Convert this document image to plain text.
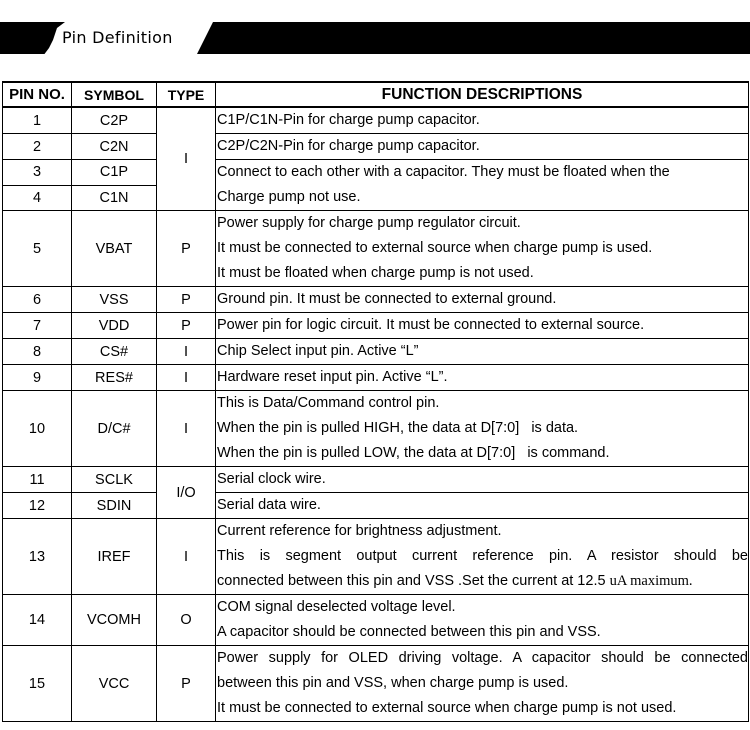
Pin Definition
PIN NO.	SYMBOL	TYPE	FUNCTION DESCRIPTIONS
1	C2P	I	C1P/C1N-Pin for charge pump capacitor.

2	C2N		C2P/C2N-Pin for charge pump capacitor.

3	C1P		Connect to each other with a capacitor. They must be floated when the

4	C1N		Charge pump not use.

5	VBAT	P	Power supply for charge pump regulator circuit.
It must be connected to external source when charge pump is used.
It must be floated when charge pump is not used.

6	VSS	P	Ground pin. It must be connected to external ground.

7	VDD	P	Power pin for logic circuit. It must be connected to external source.

8	CS#	I	Chip Select input pin. Active “L”

9	RES#	I	Hardware reset input pin. Active “L”.

10	D/C#	I	This is Data/Command control pin.
When the pin is pulled HIGH, the data at D[7:0]   is data.
When the pin is pulled LOW, the data at D[7:0]   is command.

11	SCLK	I/O	Serial clock wire.

12	SDIN		Serial data wire.

13	IREF	I	Current reference for brightness adjustment.
This is segment output current reference pin. A resistor should be
connected between this pin and VSS .Set the current at 12.5 uA maximum.

14	VCOMH	O	COM signal deselected voltage level.
A capacitor should be connected between this pin and VSS.

15	VCC	P	Power supply for OLED driving voltage. A capacitor should be connected
between this pin and VSS, when charge pump is used.
It must be connected to external source when charge pump is not used.
